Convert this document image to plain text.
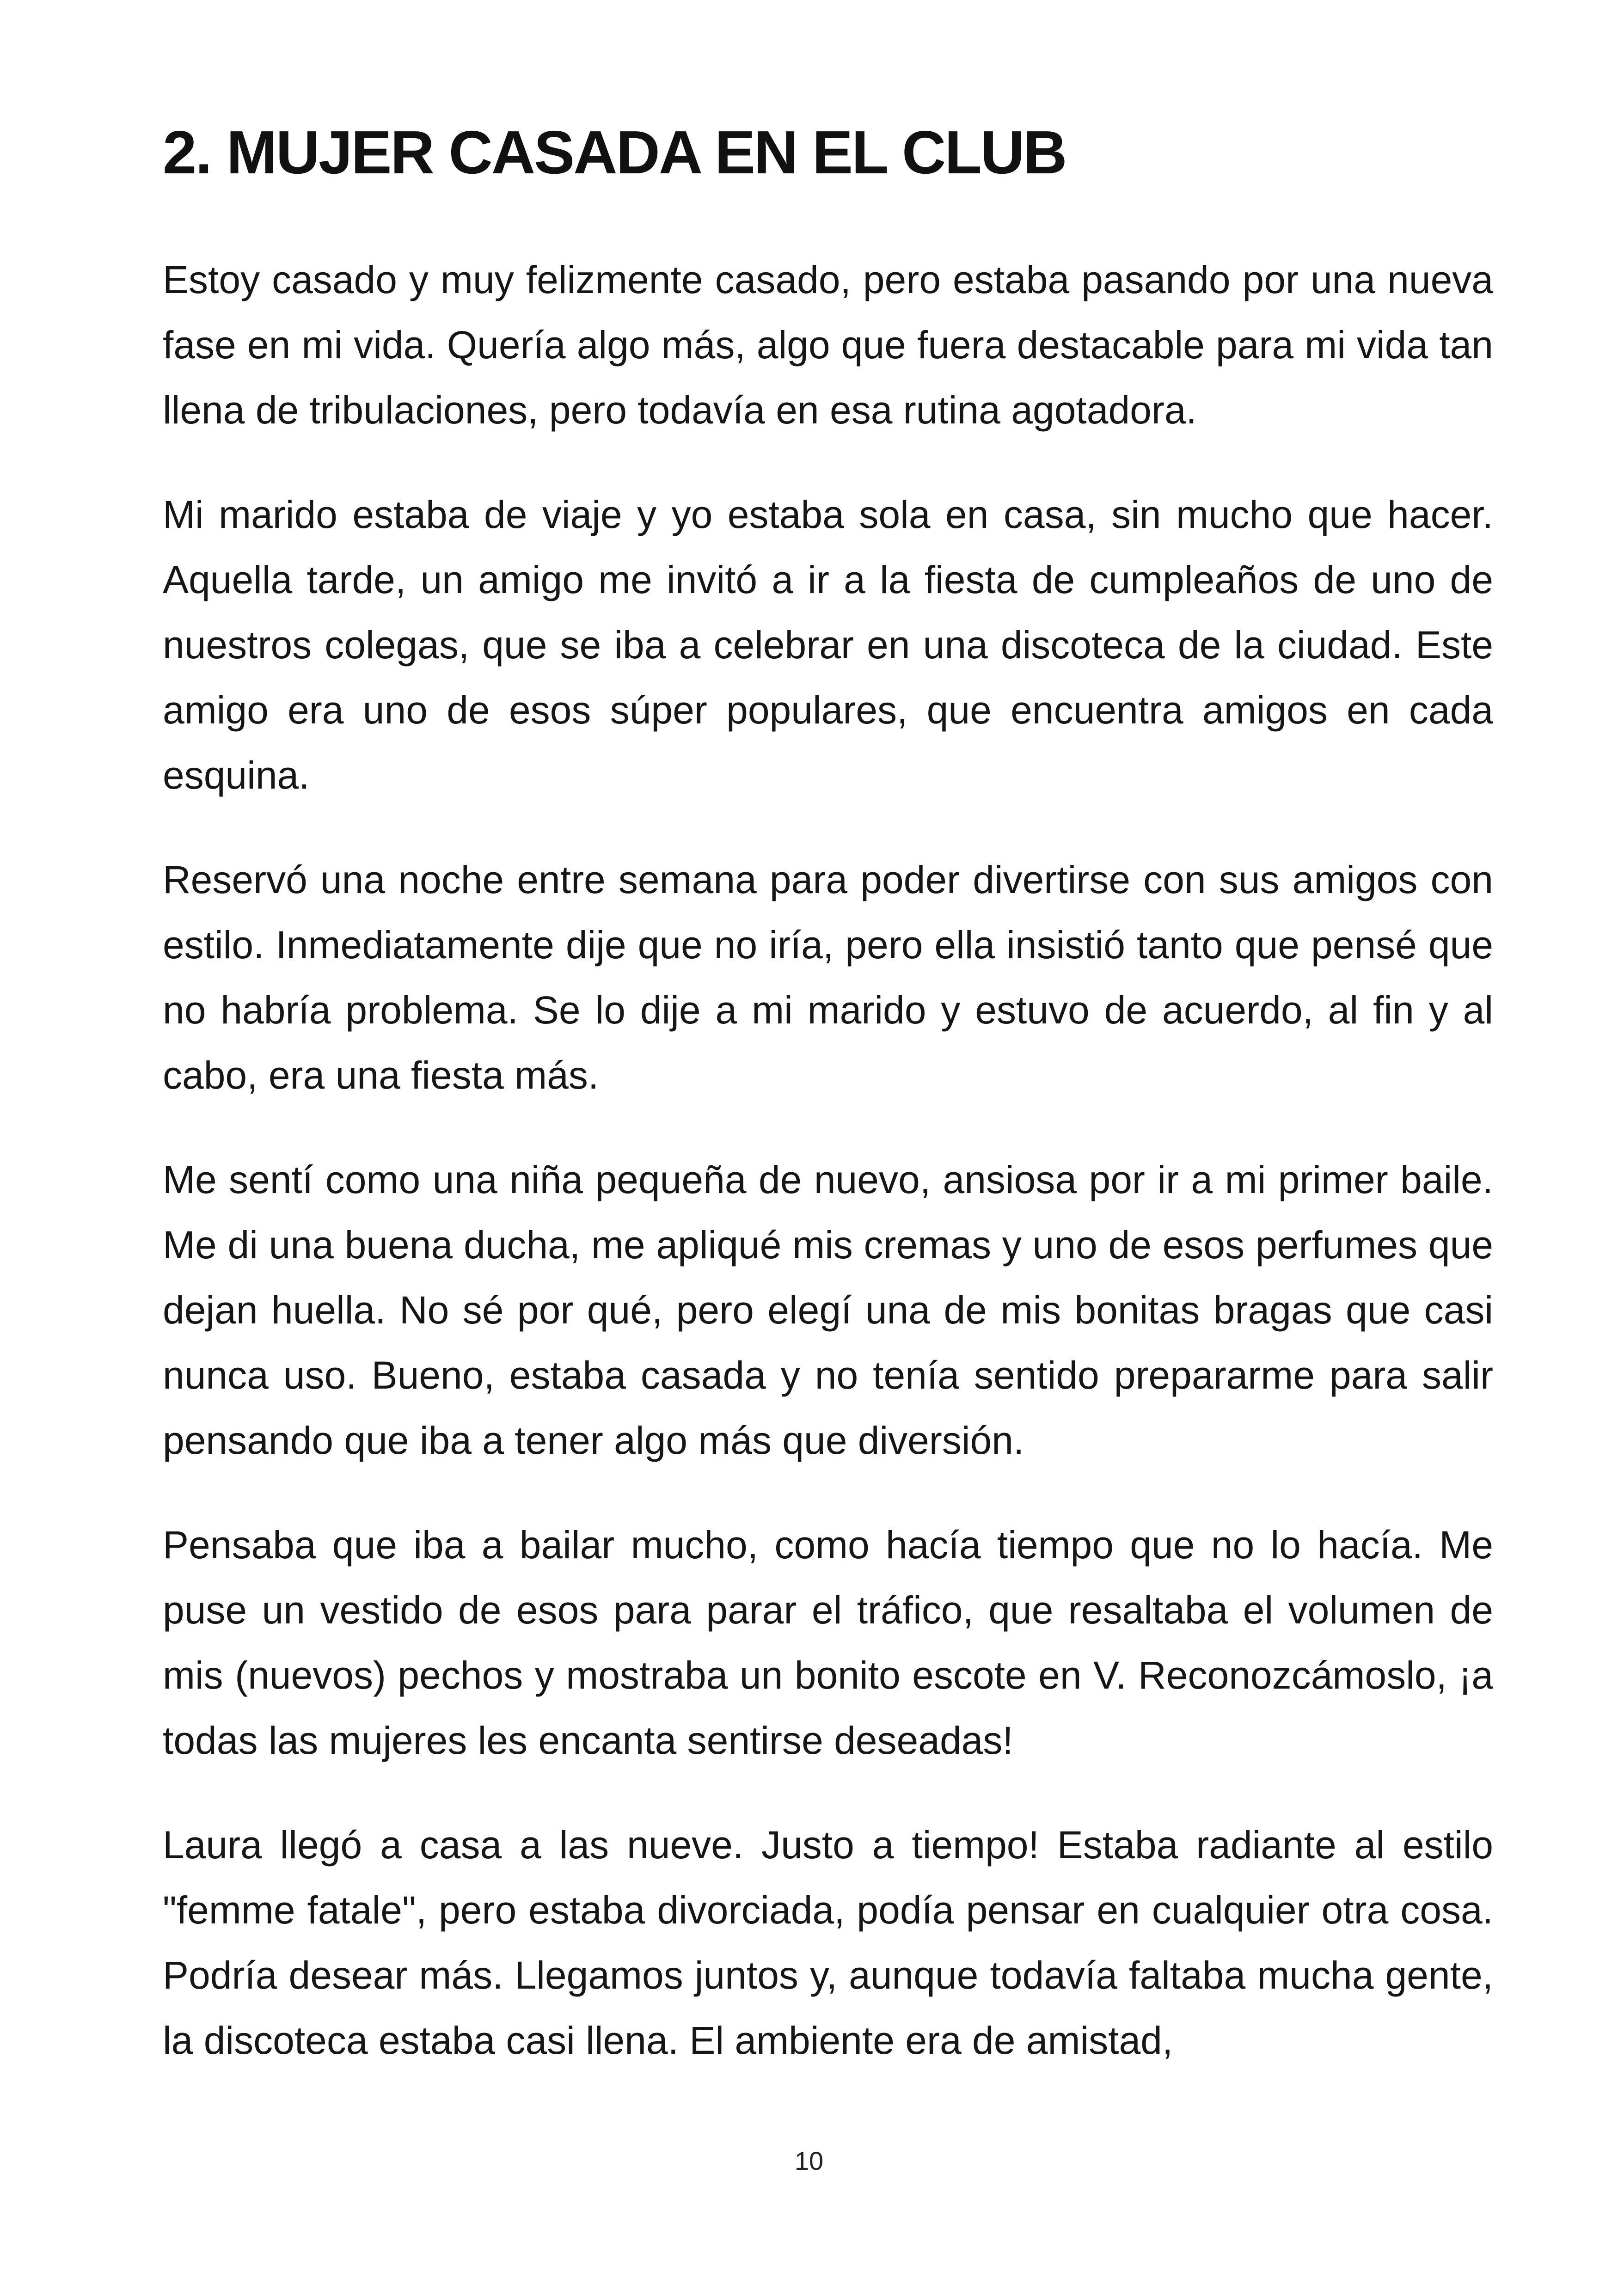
2. MUJER CASADA EN EL CLUB

Estoy casado y muy felizmente casado, pero estaba pasando por una nueva fase en mi vida. Quería algo más, algo que fuera destacable para mi vida tan llena de tribulaciones, pero todavía en esa rutina agotadora.

Mi marido estaba de viaje y yo estaba sola en casa, sin mucho que hacer. Aquella tarde, un amigo me invitó a ir a la fiesta de cumpleaños de uno de nuestros colegas, que se iba a celebrar en una discoteca de la ciudad. Este amigo era uno de esos súper populares, que encuentra amigos en cada esquina.

Reservó una noche entre semana para poder divertirse con sus amigos con estilo. Inmediatamente dije que no iría, pero ella insistió tanto que pensé que no habría problema. Se lo dije a mi marido y estuvo de acuerdo, al fin y al cabo, era una fiesta más.

Me sentí como una niña pequeña de nuevo, ansiosa por ir a mi primer baile. Me di una buena ducha, me apliqué mis cremas y uno de esos perfumes que dejan huella. No sé por qué, pero elegí una de mis bonitas bragas que casi nunca uso. Bueno, estaba casada y no tenía sentido prepararme para salir pensando que iba a tener algo más que diversión.

Pensaba que iba a bailar mucho, como hacía tiempo que no lo hacía. Me puse un vestido de esos para parar el tráfico, que resaltaba el volumen de mis (nuevos) pechos y mostraba un bonito escote en V. Reconozcámoslo, ¡a todas las mujeres les encanta sentirse deseadas!

Laura llegó a casa a las nueve. Justo a tiempo! Estaba radiante al estilo "femme fatale", pero estaba divorciada, podía pensar en cualquier otra cosa. Podría desear más. Llegamos juntos y, aunque todavía faltaba mucha gente, la discoteca estaba casi llena. El ambiente era de amistad,

10
